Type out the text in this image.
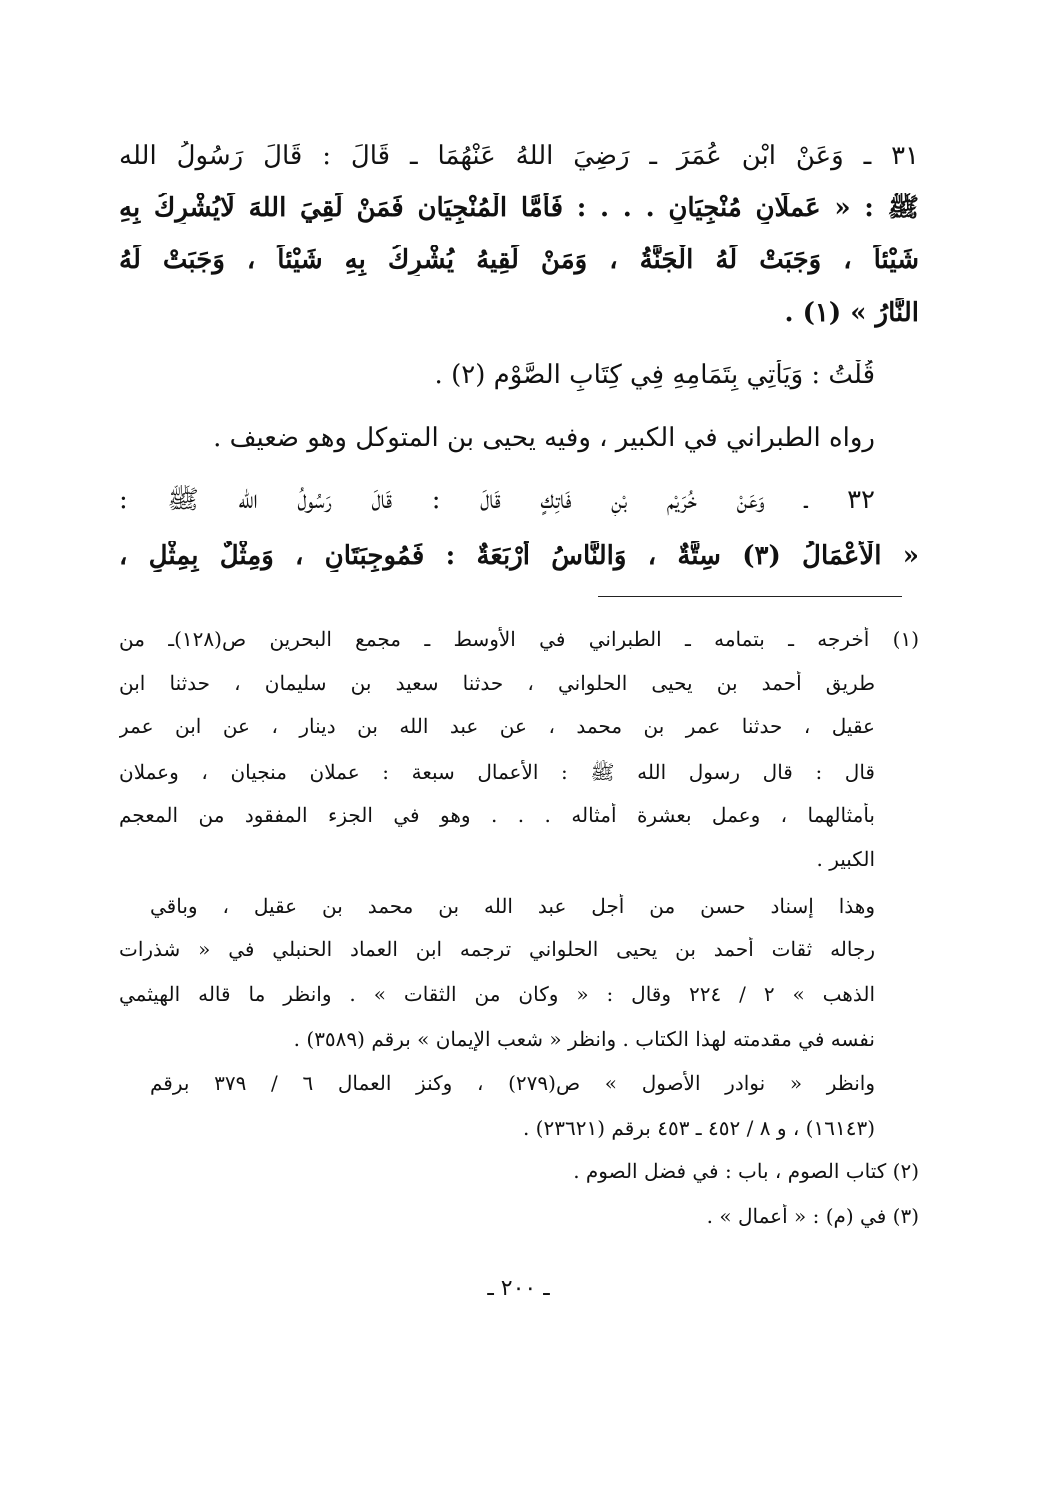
٣١ ـ وَعَنْ ابْنِ عُمَرَ ـ رَضِيَ اللهُ عَنْهُمَا ـ قَالَ : قَالَ رَسُولُ الله
ﷺ : « عَملَانِ مُنْجِيَانِ . . . : فَأَمَّا الْمُنْجِيَان فَمَنْ لَقِيَ اللهَ لَايُشْرِكُ بِهِ
شَيْئاً ، وَجَبَتْ لَهُ الْجَنَّةُ ، وَمَنْ لَقِيهُ يُشْرِكُ بِهِ شَيْئاً ، وَجَبَتْ لَهُ
النَّارُ » (١) .
قُلْتُ : وَيَأْتِي بِتَمَامِهِ فِي كِتَابِ الصَّوْمِ (٢) .
رواه الطبراني في الكبير ، وفيه يحيى بن المتوكل وهو ضعيف .
٣٢ ـ وَعَنْ خُرَيْمِ بْنِ فَاتِكٍ قَالَ : قَالَ رَسُولُ الله ﷺ :
« الْأَعْمَالُ (٣) سِتَّةٌ ، وَالنَّاسُ أَرْبَعَةٌ : فَمُوجِبَتَانِ ، وَمِثْلٌ بِمِثْلٍ ،
(١) أخرجه ـ بتمامه ـ الطبراني في الأوسط ـ مجمع البحرين ص(١٢٨)ـ من
طريق أحمد بن يحيى الحلواني ، حدثنا سعيد بن سليمان ، حدثنا ابن
عقيل ، حدثنا عمر بن محمد ، عن عبد الله بن دينار ، عن ابن عمر
قال : قال رسول الله ﷺ : الأعمال سبعة : عملان منجيان ، وعملان
بأمثالهما ، وعمل بعشرة أمثاله . . . وهو في الجزء المفقود من المعجم
الكبير .
وهذا إسناد حسن من أجل عبد الله بن محمد بن عقيل ، وباقي
رجاله ثقات أحمد بن يحيى الحلواني ترجمه ابن العماد الحنبلي في « شذرات
الذهب » ٢ / ٢٢٤ وقال : « وكان من الثقات » . وانظر ما قاله الهيثمي
نفسه في مقدمته لهذا الكتاب . وانظر « شعب الإيمان » برقم (٣٥٨٩) .
وانظر « نوادر الأصول » ص(٢٧٩) ، وكنز العمال ٦ / ٣٧٩ برقم
(١٦١٤٣) ، و ٨ / ٤٥٢ ـ ٤٥٣ برقم (٢٣٦٢١) .
(٢) كتاب الصوم ، باب : في فضل الصوم .
(٣) في (م) : « أعمال » .
ـ ٢٠٠ ـ
